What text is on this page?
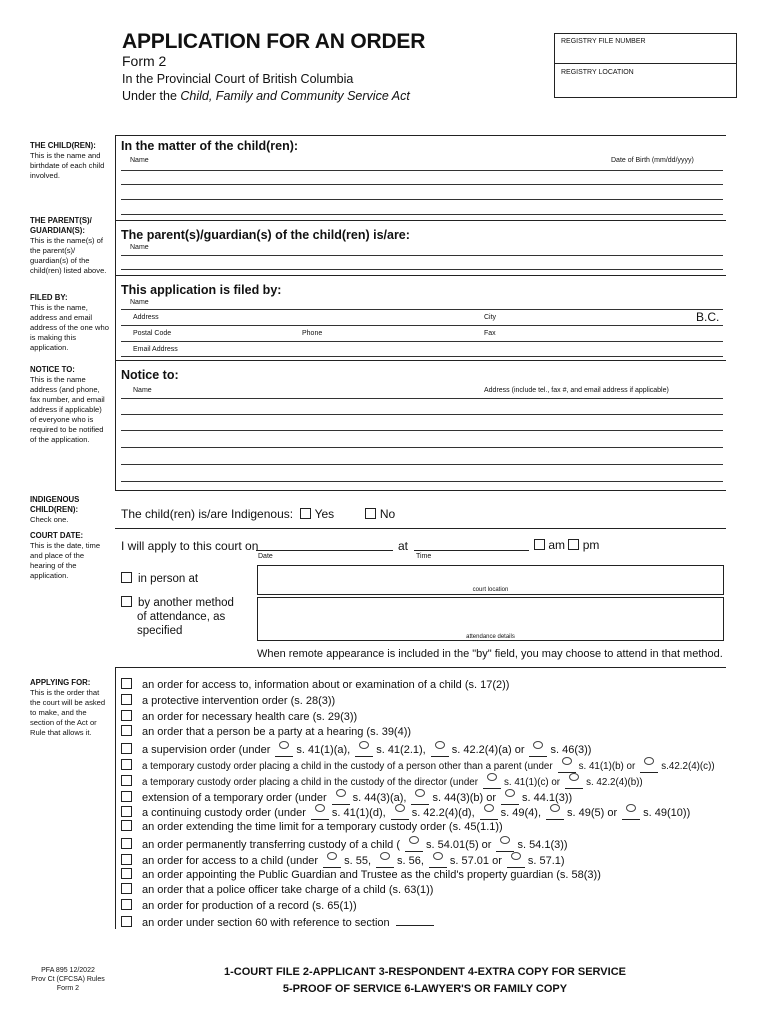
APPLICATION FOR AN ORDER
Form 2
In the Provincial Court of British Columbia
Under the Child, Family and Community Service Act
REGISTRY FILE NUMBER
REGISTRY LOCATION
THE CHILD(REN):
This is the name and birthdate of each child involved.
THE PARENT(S)/ GUARDIAN(S):
This is the name(s) of the parent(s)/ guardian(s) of the child(ren) listed above.
FILED BY:
This is the name, address and email address of the one who is making this application.
NOTICE TO:
This is the name address (and phone, fax number, and email address if applicable) of everyone who is required to be notified of the application.
INDIGENOUS CHILD(REN):
Check one.
COURT DATE:
This is the date, time and place of the hearing of the application.
APPLYING FOR:
This is the order that the court will be asked to make, and the section of the Act or Rule that allows it.
In the matter of the child(ren):
Name	Date of Birth (mm/dd/yyyy)
The parent(s)/guardian(s) of the child(ren) is/are:
Name
This application is filed by:
Name
Address	City	B.C.
Postal Code	Phone	Fax
Email Address
Notice to:
Name	Address (include tel., fax #, and email address if applicable)
The child(ren) is/are Indigenous: Yes	No
I will apply to this court on
Date
at
Time
am pm
in person at
court location
by another method
of attendance, as
specified	attendance details
When remote appearance is included in the "by" field, you may choose to attend in that method.
an order for access to, information about or examination of a child (s. 17(2))
a protective intervention order (s. 28(3))
an order for necessary health care (s. 29(3))
an order that a person be a party at a hearing (s. 39(4))
a supervision order (under s. 41(1)(a), s. 41(2.1), s. 42.2(4)(a) or s. 46(3))
a temporary custody order placing a child in the custody of a person other than a parent (under	s. 41(1)(b) or	s.42.2(4)(c))
a temporary custody order placing a child in the custody of the director (under	s. 41(1)(c) or	s. 42.2(4)(b))
extension of a temporary order (under s. 44(3)(a), s. 44(3)(b) or s. 44.1(3))
a continuing custody order (under s. 41(1)(d), s. 42.2(4)(d), s. 49(4), s. 49(5) or s. 49(10))
an order extending the time limit for a temporary custody order (s. 45(1.1))
an order permanently transferring custody of a child ( s. 54.01(5) or s. 54.1(3))
an order for access to a child (under s. 55, s. 56, s. 57.01 or s. 57.1)
an order appointing the Public Guardian and Trustee as the child's property guardian (s. 58(3))
an order that a police officer take charge of a child (s. 63(1))
an order for production of a record (s. 65(1))
an order under section 60 with reference to section
PFA 895 12/2022
Prov Ct (CFCSA) Rules
Form 2
1-COURT FILE 2-APPLICANT 3-RESPONDENT 4-EXTRA COPY FOR SERVICE
5-PROOF OF SERVICE 6-LAWYER'S OR FAMILY COPY
